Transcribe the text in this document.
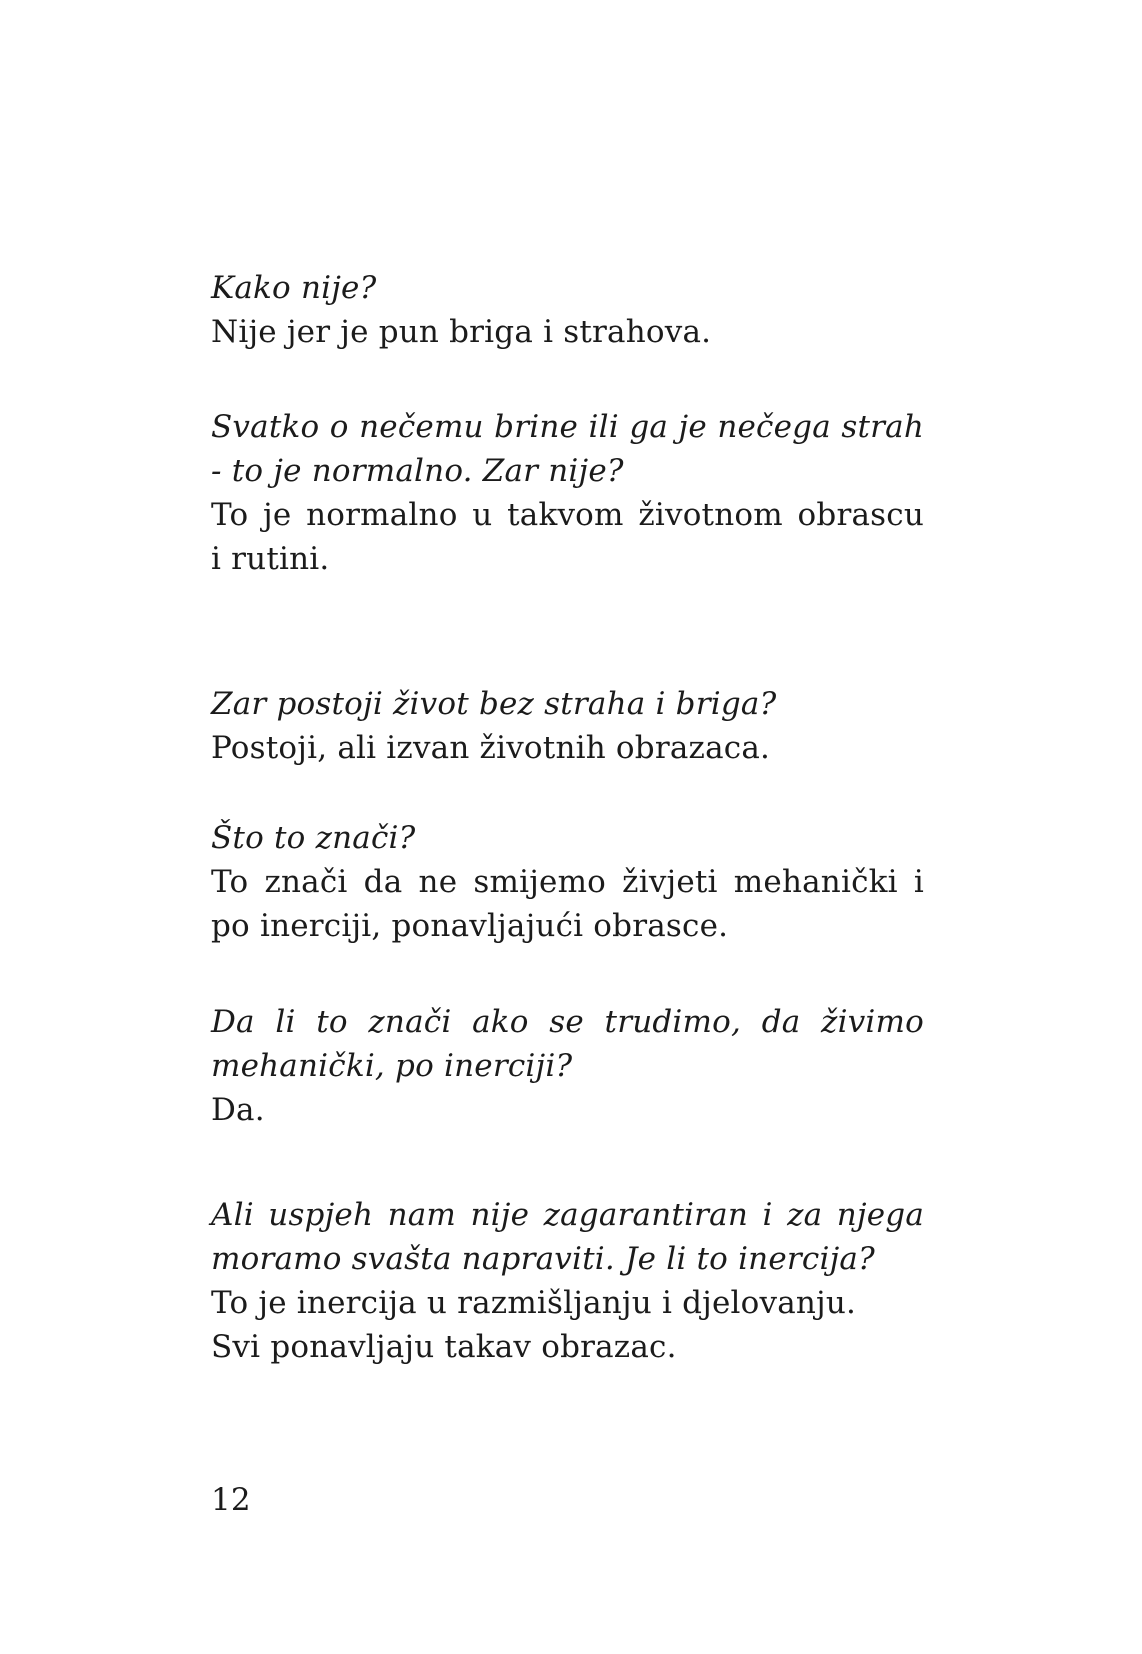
Kako nije?
Nije jer je pun briga i strahova.
Svatko o nečemu brine ili ga je nečega strah
- to je normalno. Zar nije?
To je normalno u takvom životnom obrascu
i rutini.
Zar postoji život bez straha i briga?
Postoji, ali izvan životnih obrazaca.
Što to znači?
To znači da ne smijemo živjeti mehanički i
po inerciji, ponavljajući obrasce.
Da li to znači ako se trudimo, da živimo
mehanički, po inerciji?
Da.
Ali uspjeh nam nije zagarantiran i za njega
moramo svašta napraviti. Je li to inercija?
To je inercija u razmišljanju i djelovanju.
Svi ponavljaju takav obrazac.
12
